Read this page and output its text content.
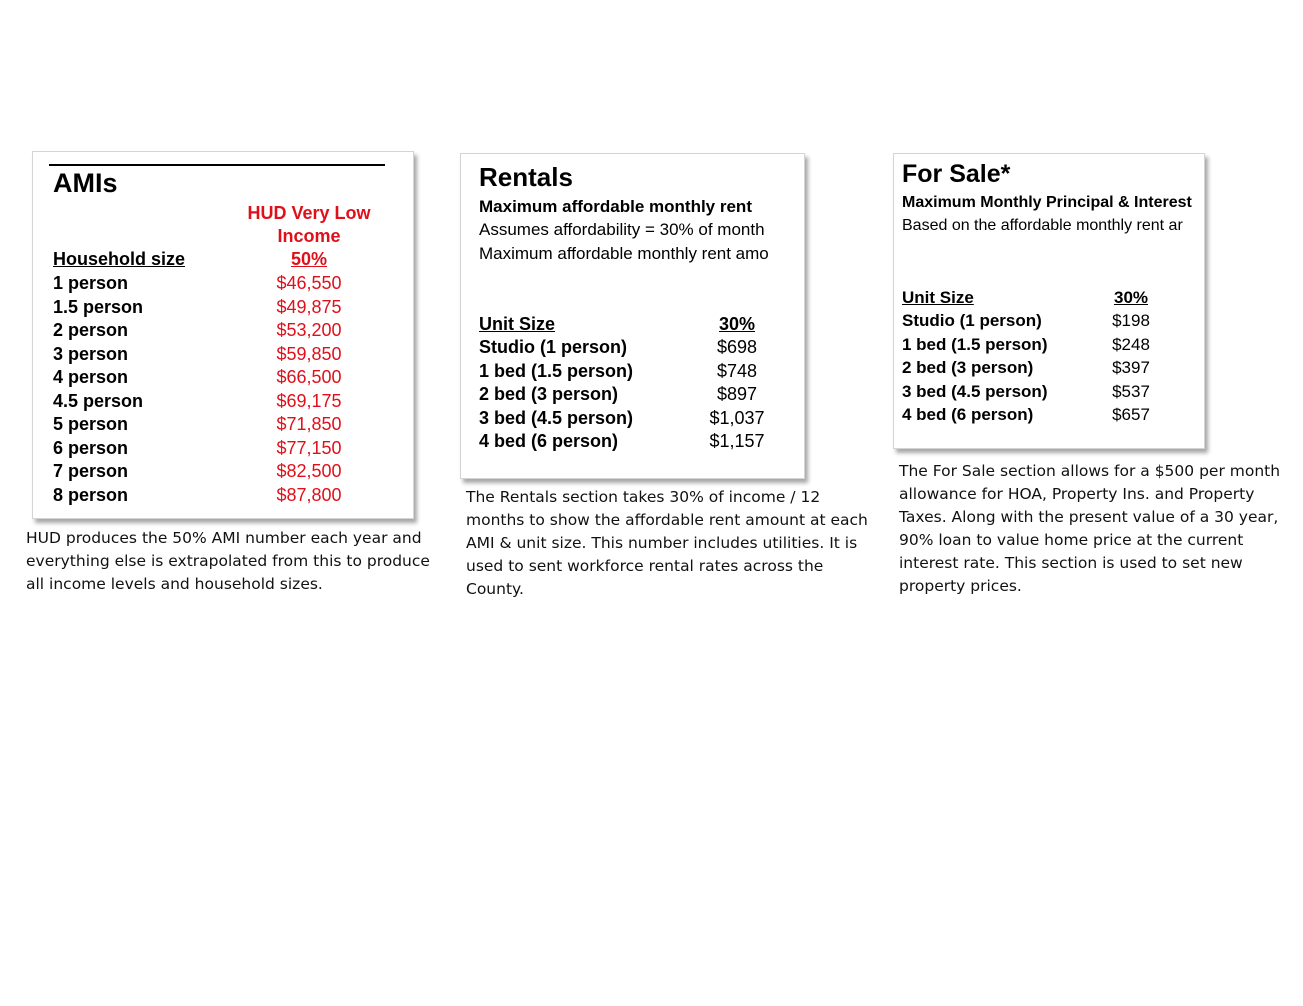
AMIs
HUD Very Low Income
Household size	50%
1 person	$46,550
1.5 person	$49,875
2 person	$53,200
3 person	$59,850
4 person	$66,500
4.5 person	$69,175
5 person	$71,850
6 person	$77,150
7 person	$82,500
8 person	$87,800
HUD produces the 50% AMI number each year and everything else is extrapolated from this to produce all income levels and household sizes.
Rentals
Maximum affordable monthly rent
Assumes affordability = 30% of month
Maximum affordable monthly rent amo
Unit Size	30%
Studio (1 person)	$698
1 bed (1.5 person)	$748
2 bed (3 person)	$897
3 bed (4.5 person)	$1,037
4 bed (6 person)	$1,157
The Rentals section takes 30% of income / 12 months to show the affordable rent amount at each AMI & unit size. This number includes utilities. It is used to sent workforce rental rates across the County.
For Sale*
Maximum Monthly Principal & Interest
Based on the affordable monthly rent ar
Unit Size	30%
Studio (1 person)	$198
1 bed (1.5 person)	$248
2 bed (3 person)	$397
3 bed (4.5 person)	$537
4 bed (6 person)	$657
The For Sale section allows for a $500 per month allowance for HOA, Property Ins. and Property Taxes. Along with the present value of a 30 year, 90% loan to value home price at the current interest rate. This section is used to set new property prices.
